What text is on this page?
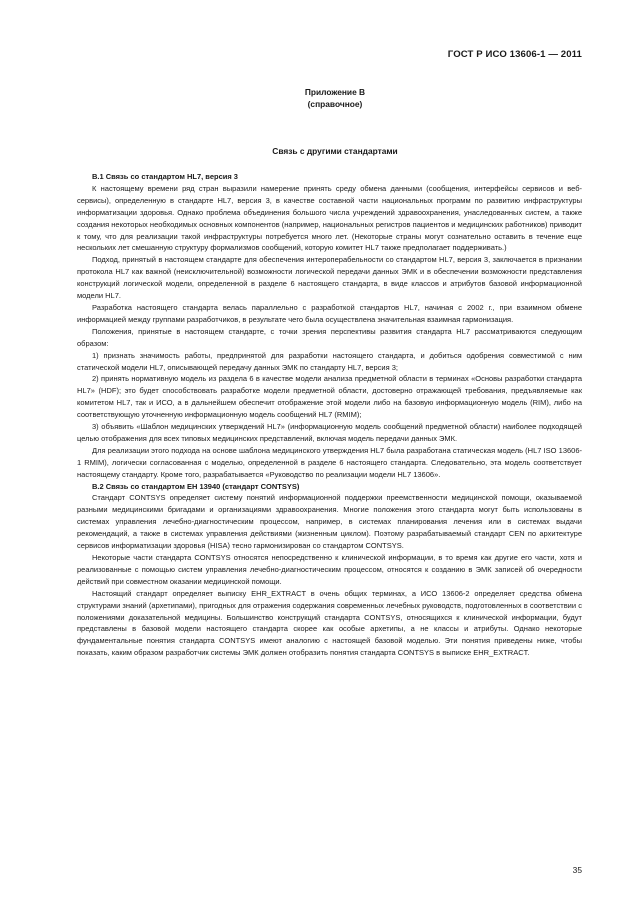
ГОСТ Р ИСО 13606-1 — 2011
Приложение В
(справочное)
Связь с другими стандартами
В.1 Связь со стандартом HL7, версия 3

К настоящему времени ряд стран выразили намерение принять среду обмена данными (сообщения, интерфейсы сервисов и веб-сервисы), определенную в стандарте HL7, версия 3, в качестве составной части национальных программ по развитию инфраструктуры информатизации здоровья. Однако проблема объединения большого числа учреждений здравоохранения, унаследованных систем, а также создания некоторых необходимых основных компонентов (например, национальных регистров пациентов и медицинских работников) приводит к тому, что для реализации такой инфраструктуры потребуется много лет. (Некоторые страны могут сознательно оставить в течение еще нескольких лет смешанную структуру формализмов сообщений, которую комитет HL7 также предполагает поддерживать.)

Подход, принятый в настоящем стандарте для обеспечения интероперабельности со стандартом HL7, версия 3, заключается в признании протокола HL7 как важной (неисключительной) возможности логической передачи данных ЭМК и в обеспечении возможности представления конструкций логической модели, определенной в разделе 6 настоящего стандарта, в виде классов и атрибутов базовой информационной модели HL7.

Разработка настоящего стандарта велась параллельно с разработкой стандартов HL7, начиная с 2002 г., при взаимном обмене информацией между группами разработчиков, в результате чего была осуществлена значительная взаимная гармонизация.

Положения, принятые в настоящем стандарте, с точки зрения перспективы развития стандарта HL7 рассматриваются следующим образом:

1) признать значимость работы, предпринятой для разработки настоящего стандарта, и добиться одобрения совместимой с ним статической модели HL7, описывающей передачу данных ЭМК по стандарту HL7, версия 3;

2) принять нормативную модель из раздела 6 в качестве модели анализа предметной области в терминах «Основы разработки стандарта HL7» (HDF); это будет способствовать разработке модели предметной области, достоверно отражающей требования, предъявляемые как комитетом HL7, так и ИСО, а в дальнейшем обеспечит отображение этой модели либо на базовую информационную модель (RIM), либо на соответствующую уточненную информационную модель сообщений HL7 (RMIM);

3) объявить «Шаблон медицинских утверждений HL7» (информационную модель сообщений предметной области) наиболее подходящей целью отображения для всех типовых медицинских представлений, включая модель передачи данных ЭМК.

Для реализации этого подхода на основе шаблона медицинского утверждения HL7 была разработана статическая модель (HL7 ISO 13606-1 RMIM), логически согласованная с моделью, определенной в разделе 6 настоящего стандарта. Следовательно, эта модель соответствует настоящему стандарту. Кроме того, разрабатывается «Руководство по реализации модели HL7 13606».

В.2 Связь со стандартом ЕН 13940 (стандарт CONTSYS)

Стандарт CONTSYS определяет систему понятий информационной поддержки преемственности медицинской помощи, оказываемой разными медицинскими бригадами и организациями здравоохранения. Многие положения этого стандарта могут быть использованы в системах управления лечебно-диагностическим процессом, например, в системах планирования лечения или в системах выдачи рекомендаций, а также в системах управления действиями (жизненным циклом). Поэтому разрабатываемый стандарт CEN по архитектуре сервисов информатизации здоровья (HISA) тесно гармонизирован со стандартом CONTSYS.

Некоторые части стандарта CONTSYS относятся непосредственно к клинической информации, в то время как другие его части, хотя и реализованные с помощью систем управления лечебно-диагностическим процессом, относятся к созданию в ЭМК записей об очередности действий при совместном оказании медицинской помощи.

Настоящий стандарт определяет выписку EHR_EXTRACT в очень общих терминах, а ИСО 13606-2 определяет средства обмена структурами знаний (архетипами), пригодных для отражения содержания современных лечебных руководств, подготовленных в соответствии с положениями доказательной медицины. Большинство конструкций стандарта CONTSYS, относящихся к клинической информации, будут представлены в базовой модели настоящего стандарта скорее как особые архетипы, а не классы и атрибуты. Однако некоторые фундаментальные понятия стандарта CONTSYS имеют аналогию с настоящей базовой моделью. Эти понятия приведены ниже, чтобы показать, каким образом разработчик системы ЭМК должен отобразить понятия стандарта CONTSYS в выписке EHR_EXTRACT.

35
